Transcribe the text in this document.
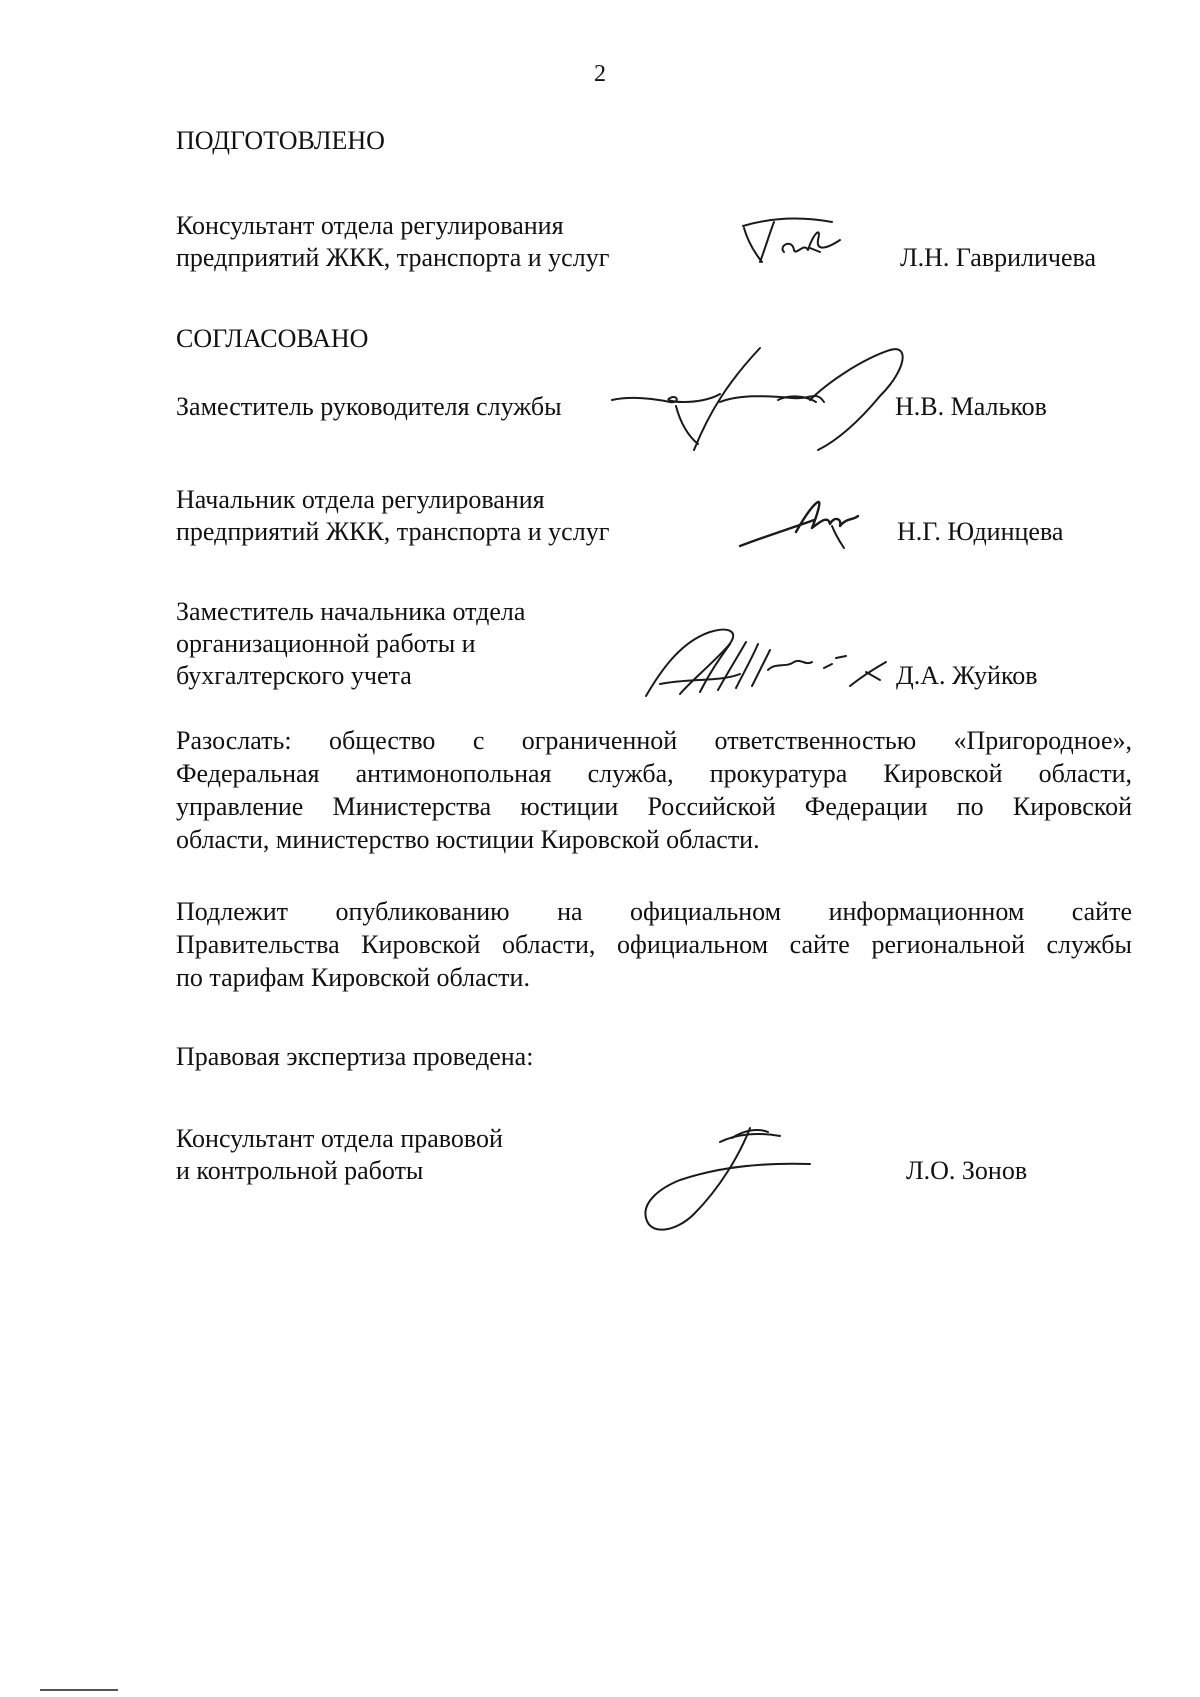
2
ПОДГОТОВЛЕНО
Консультант отдела регулирования
предприятий ЖКК, транспорта и услуг	Л.Н. Гавриличева
СОГЛАСОВАНО
Заместитель руководителя службы	Н.В. Мальков
Начальник отдела регулирования
предприятий ЖКК, транспорта и услуг	Н.Г. Юдинцева
Заместитель начальника отдела
организационной работы и
бухгалтерского учета	Д.А. Жуйков
Разослать: общество с ограниченной ответственностью «Пригородное»,
Федеральная антимонопольная служба, прокуратура Кировской области,
управление Министерства юстиции Российской Федерации по Кировской
области, министерство юстиции Кировской области.
Подлежит опубликованию на официальном информационном сайте
Правительства Кировской области, официальном сайте региональной службы
по тарифам Кировской области.
Правовая экспертиза проведена:
Консультант отдела правовой
и контрольной работы	Л.О. Зонов
